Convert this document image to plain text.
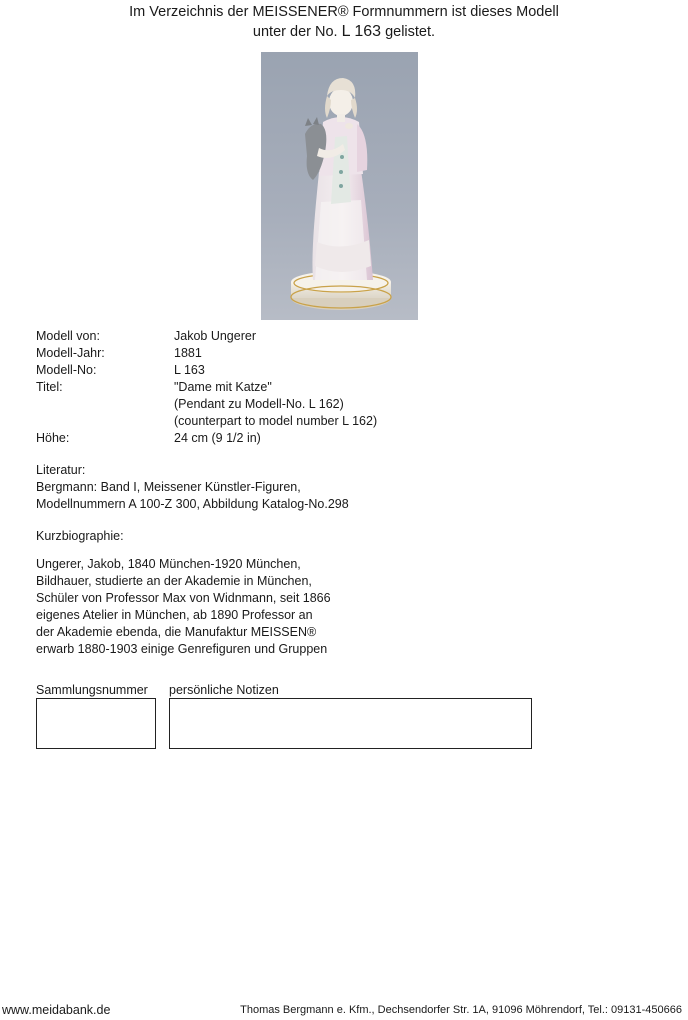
Im Verzeichnis der MEISSENER® Formnummern ist dieses Modell
unter der No. L 163 gelistet.
Modell von:	Jakob Ungerer
Modell-Jahr:	1881
Modell-No:	L 163
Titel:	"Dame mit Katze"
(Pendant zu Modell-No. L 162)
(counterpart to model number L 162)
Höhe:	24 cm (9 1/2 in)
Literatur:
Bergmann: Band I, Meissener Künstler-Figuren,
Modellnummern A 100-Z 300, Abbildung Katalog-No.298
Kurzbiographie:
Ungerer, Jakob, 1840 München-1920 München,
Bildhauer, studierte an der Akademie in München,
Schüler von Professor Max von Widnmann, seit 1866
eigenes Atelier in München, ab 1890 Professor an
der Akademie ebenda, die Manufaktur MEISSEN®
erwarb 1880-1903 einige Genrefiguren und Gruppen
Sammlungsnummer persönliche Notizen
www.meidabank.de	Thomas Bergmann e. Kfm., Dechsendorfer Str. 1A, 91096 Möhrendorf, Tel.: 09131-450666
